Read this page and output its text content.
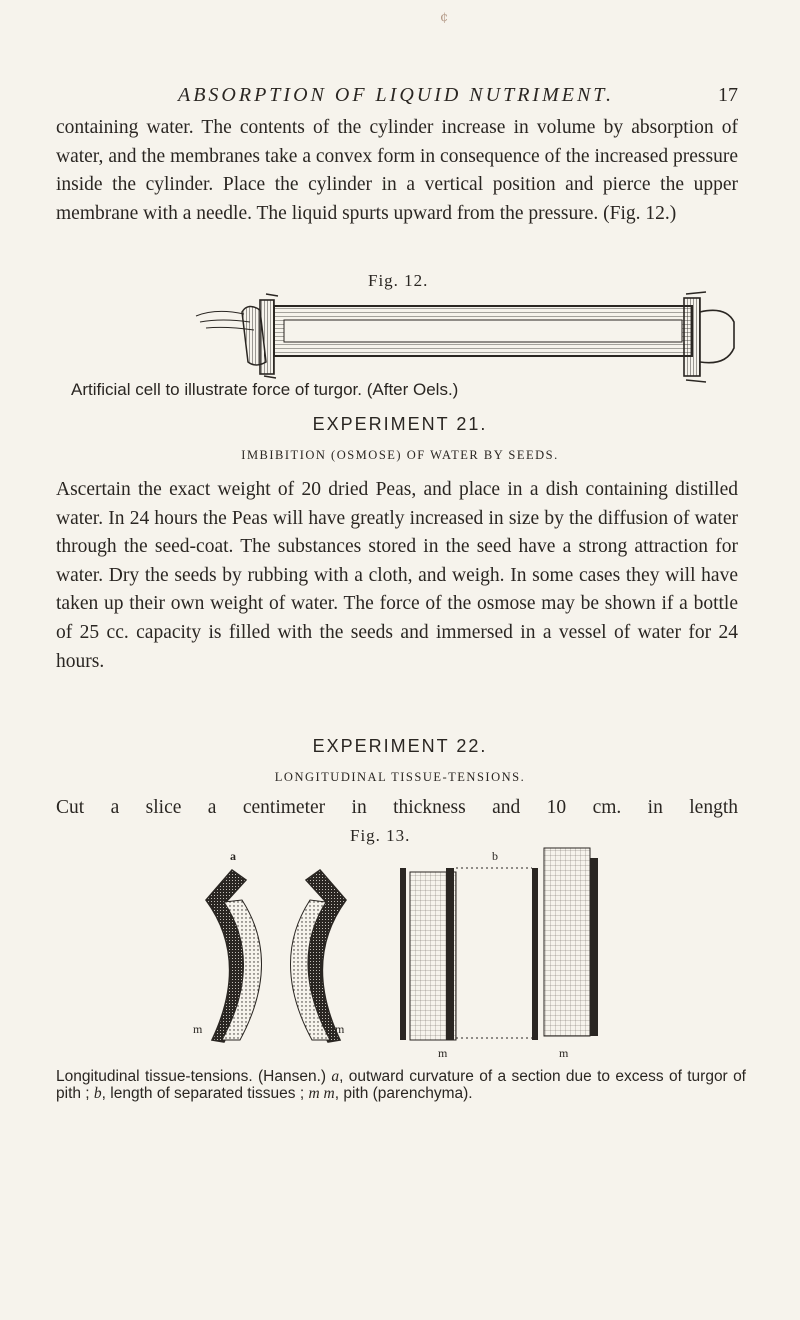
¢
ABSORPTION OF LIQUID NUTRIMENT.	17

containing water. The contents of the cylinder increase in volume by absorption of water, and the membranes take a convex form in consequence of the increased pressure inside the cylinder. Place the cylinder in a vertical position and pierce the upper membrane with a needle. The liquid spurts upward from the pressure. (Fig. 12.)

Fig. 12.
Artificial cell to illustrate force of turgor. (After Oels.)
EXPERIMENT 21.
IMBIBITION (OSMOSE) OF WATER BY SEEDS.

Ascertain the exact weight of 20 dried Peas, and place in a dish containing distilled water. In 24 hours the Peas will have greatly increased in size by the diffusion of water through the seed-coat. The substances stored in the seed have a strong attraction for water. Dry the seeds by rubbing with a cloth, and weigh. In some cases they will have taken up their own weight of water. The force of the osmose may be shown if a bottle of 25 cc. capacity is filled with the seeds and immersed in a vessel of water for 24 hours.

EXPERIMENT 22.
LONGITUDINAL TISSUE-TENSIONS.

Cut a slice a centimeter in thickness and 10 cm. in length

Fig. 13.
a	b
m	m
m	m

Longitudinal tissue-tensions. (Hansen.) a, outward curvature of a section due to excess of turgor of pith ; b, length of separated tissues ; m m, pith (parenchyma).
